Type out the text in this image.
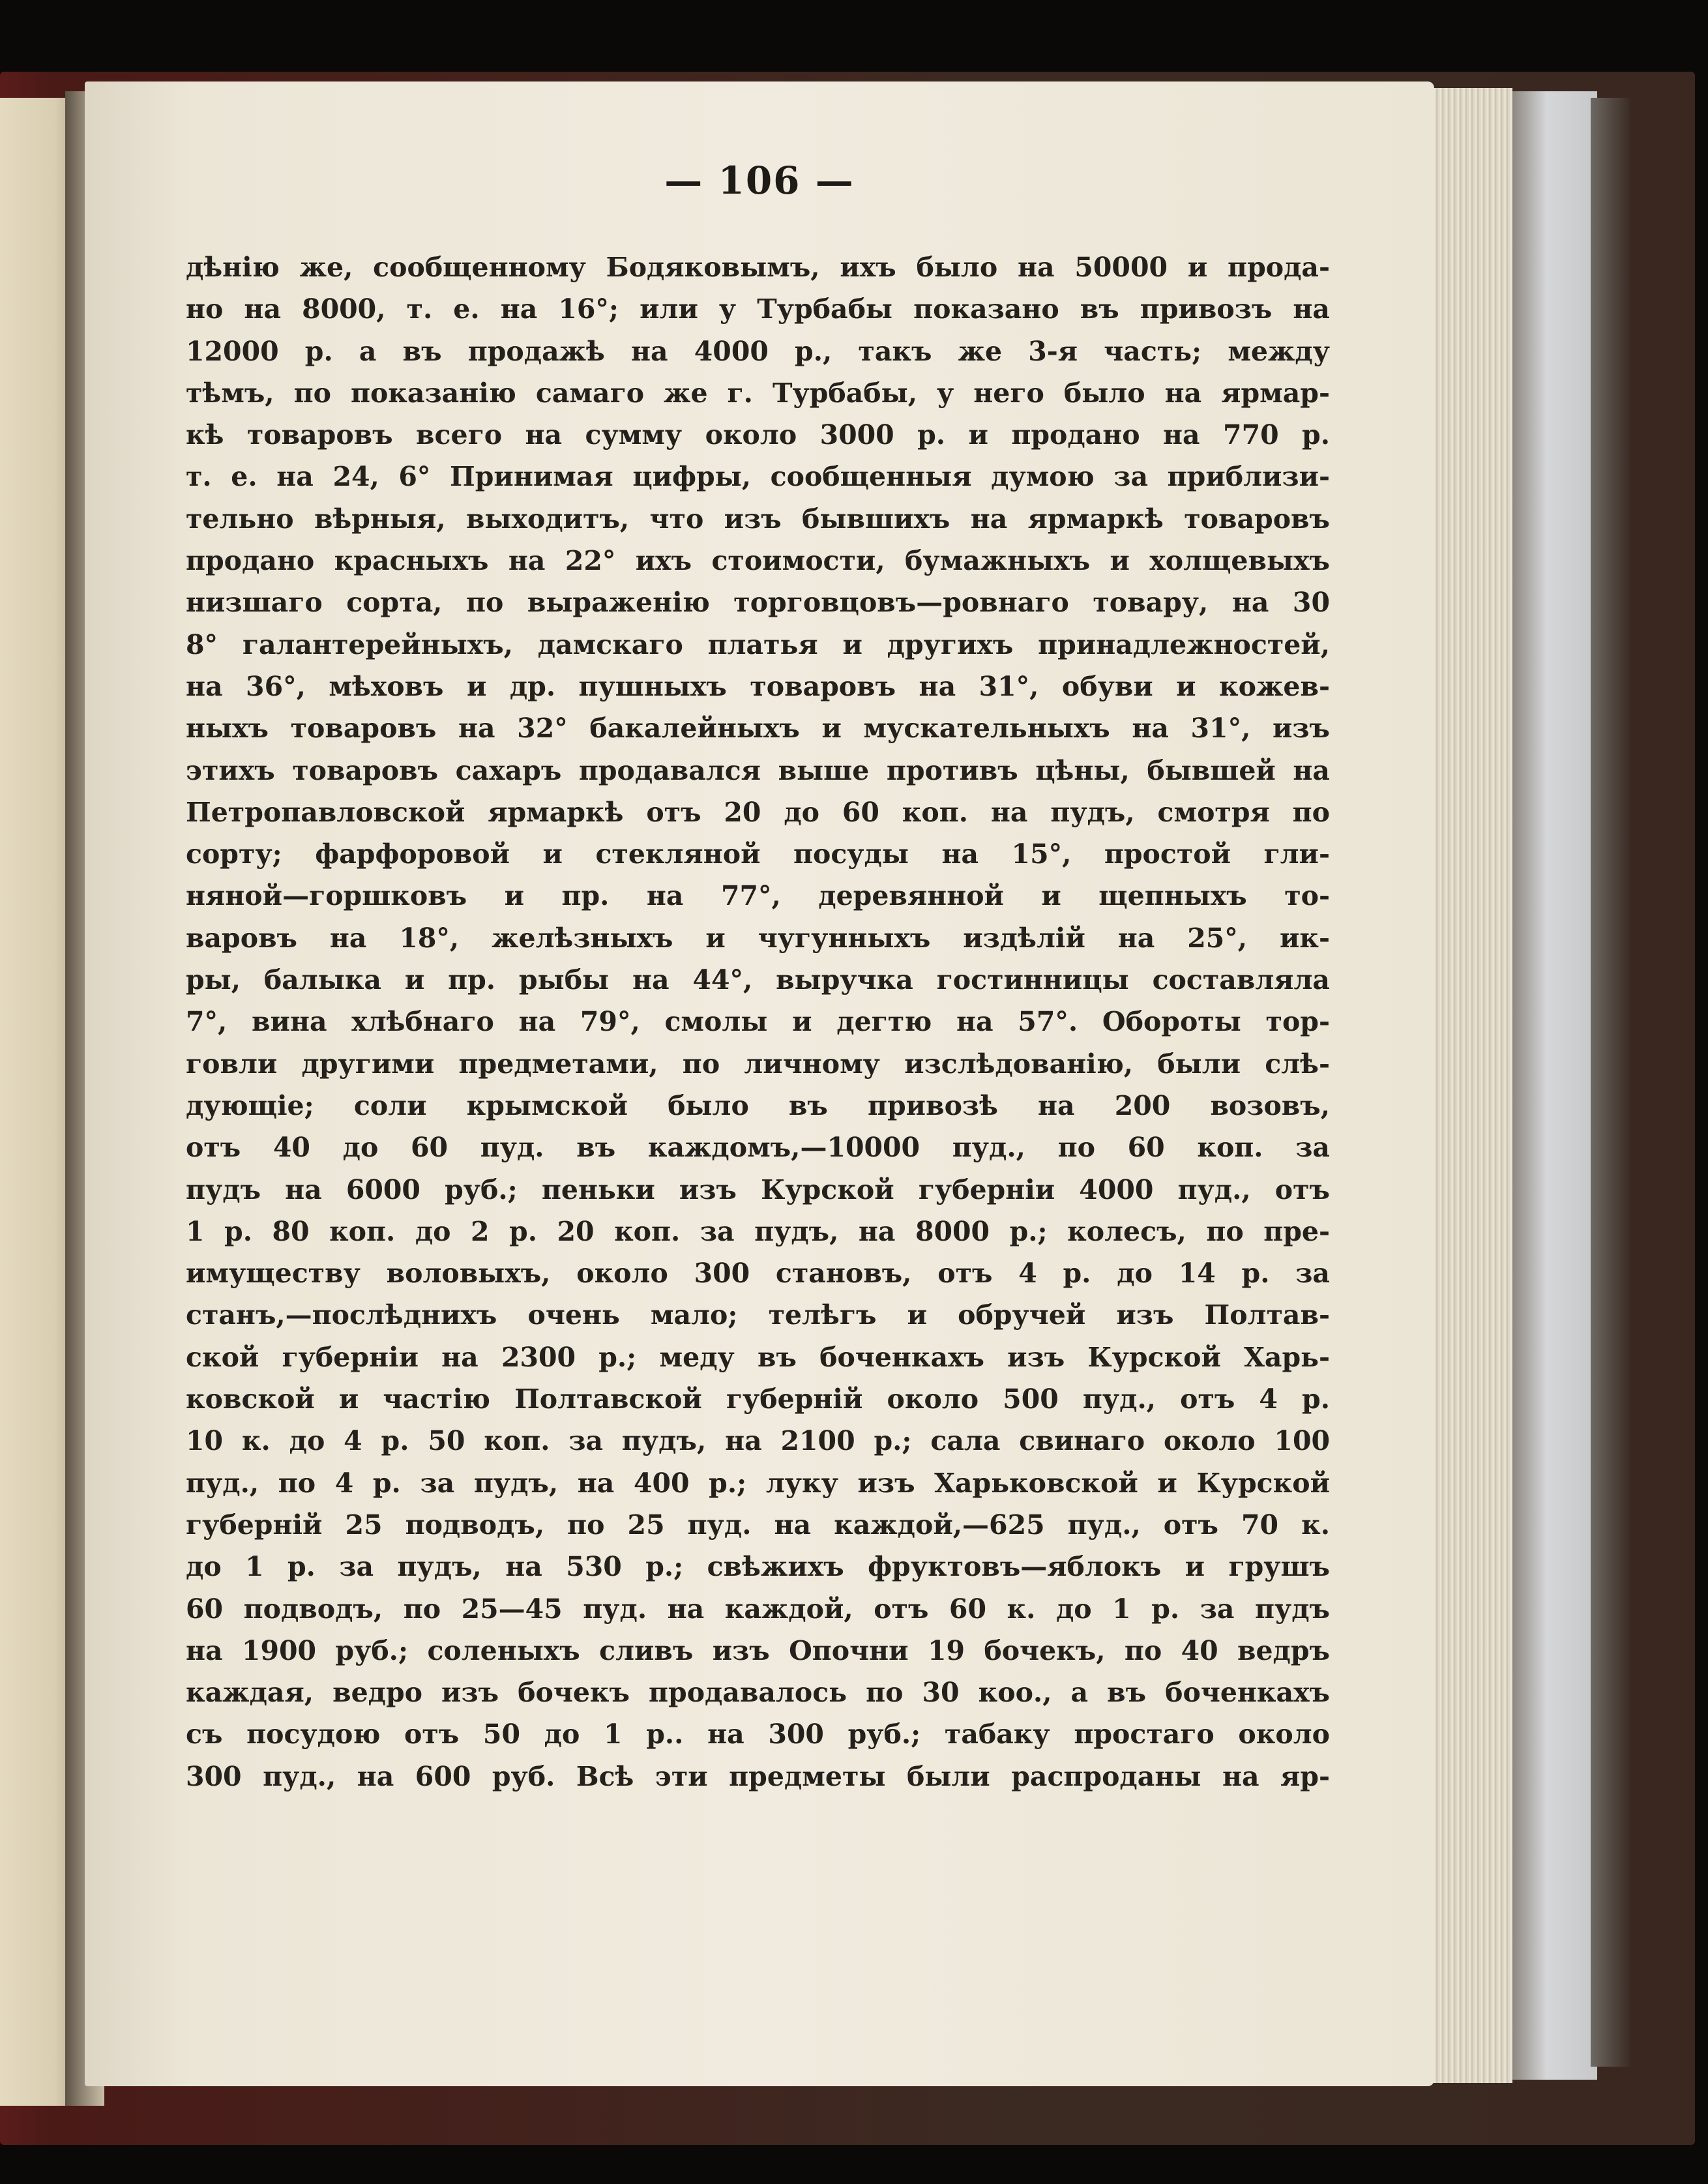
— 106 —
дѣнію же, сообщенному Бодяковымъ, ихъ было на 50000 и прода-
но на 8000, т. е. на 16°; или у Турбабы показано въ привозъ на
12000 р. а въ продажѣ на 4000 р., такъ же 3-я часть; между
тѣмъ, по показанію самаго же г. Турбабы, у него было на ярмар-
кѣ товаровъ всего на сумму около 3000 р. и продано на 770 р.
т. е. на 24, 6° Принимая цифры, сообщенныя думою за приблизи-
тельно вѣрныя, выходитъ, что изъ бывшихъ на ярмаркѣ товаровъ
продано красныхъ на 22° ихъ стоимости, бумажныхъ и холщевыхъ
низшаго сорта, по выраженію торговцовъ—ровнаго товару, на 30
8° галантерейныхъ, дамскаго платья и другихъ принадлежностей,
на 36°, мѣховъ и др. пушныхъ товаровъ на 31°, обуви и кожев-
ныхъ товаровъ на 32° бакалейныхъ и мускательныхъ на 31°, изъ
этихъ товаровъ сахаръ продавался выше противъ цѣны, бывшей на
Петропавловской ярмаркѣ отъ 20 до 60 коп. на пудъ, смотря по
сорту; фарфоровой и стекляной посуды на 15°, простой гли-
няной—горшковъ и пр. на 77°, деревянной и щепныхъ то-
варовъ на 18°, желѣзныхъ и чугунныхъ издѣлій на 25°, ик-
ры, балыка и пр. рыбы на 44°, выручка гостинницы составляла
7°, вина хлѣбнаго на 79°, смолы и дегтю на 57°. Обороты тор-
говли другими предметами, по личному изслѣдованію, были слѣ-
дующіе; соли крымской было въ привозѣ на 200 возовъ,
отъ 40 до 60 пуд. въ каждомъ,—10000 пуд., по 60 коп. за
пудъ на 6000 руб.; пеньки изъ Курской губерніи 4000 пуд., отъ
1 р. 80 коп. до 2 р. 20 коп. за пудъ, на 8000 р.; колесъ, по пре-
имуществу воловыхъ, около 300 становъ, отъ 4 р. до 14 р. за
станъ,—послѣднихъ очень мало; телѣгъ и обручей изъ Полтав-
ской губерніи на 2300 р.; меду въ боченкахъ изъ Курской Харь-
ковской и частію Полтавской губерній около 500 пуд., отъ 4 р.
10 к. до 4 р. 50 коп. за пудъ, на 2100 р.; сала свинаго около 100
пуд., по 4 р. за пудъ, на 400 р.; луку изъ Харьковской и Курской
губерній 25 подводъ, по 25 пуд. на каждой,—625 пуд., отъ 70 к.
до 1 р. за пудъ, на 530 р.; свѣжихъ фруктовъ—яблокъ и грушъ
60 подводъ, по 25—45 пуд. на каждой, отъ 60 к. до 1 р. за пудъ
на 1900 руб.; соленыхъ сливъ изъ Опочни 19 бочекъ, по 40 ведръ
каждая, ведро изъ бочекъ продавалось по 30 коо., а въ боченкахъ
съ посудою отъ 50 до 1 р.. на 300 руб.; табаку простаго около
300 пуд., на 600 руб. Всѣ эти предметы были распроданы на яр-
